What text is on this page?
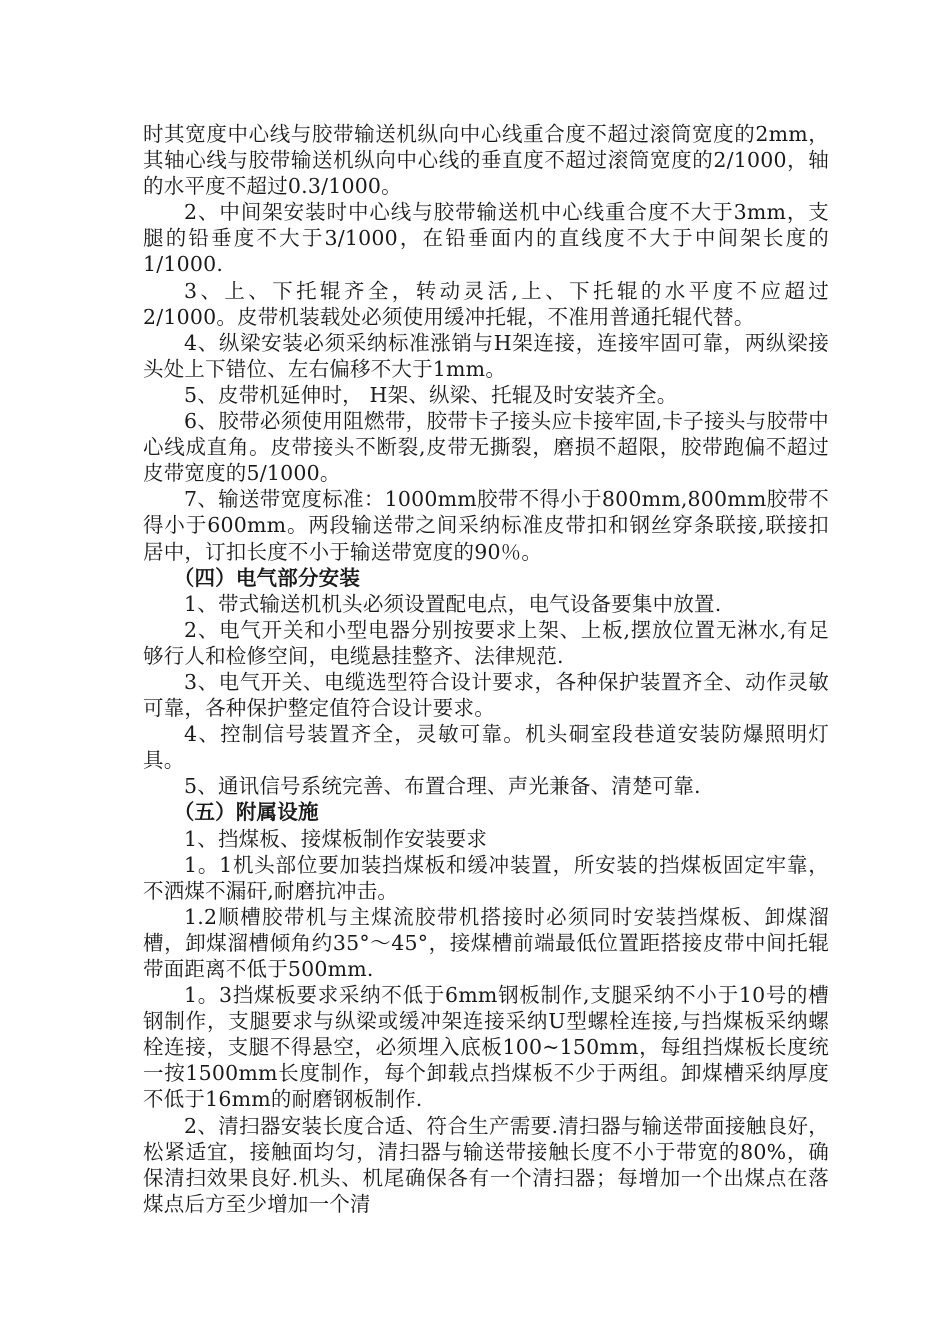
时其宽度中心线与胶带输送机纵向中心线重合度不超过滚筒宽度的2mm，其轴心线与胶带输送机纵向中心线的垂直度不超过滚筒宽度的2/1000，轴的水平度不超过0.3/1000。

2、中间架安装时中心线与胶带输送机中心线重合度不大于3mm，支腿的铅垂度不大于3/1000，在铅垂面内的直线度不大于中间架长度的1/1000.

3、上、下托辊齐全，转动灵活,上、下托辊的水平度不应超过2/1000。皮带机装载处必须使用缓冲托辊，不准用普通托辊代替。

4、纵梁安装必须采纳标准涨销与H架连接，连接牢固可靠，两纵梁接头处上下错位、左右偏移不大于1mm。

5、皮带机延伸时， H架、纵梁、托辊及时安装齐全。

6、胶带必须使用阻燃带，胶带卡子接头应卡接牢固,卡子接头与胶带中心线成直角。皮带接头不断裂,皮带无撕裂，磨损不超限，胶带跑偏不超过皮带宽度的5/1000。

7、输送带宽度标准：1000mm胶带不得小于800mm,800mm胶带不得小于600mm。两段输送带之间采纳标准皮带扣和钢丝穿条联接,联接扣居中，订扣长度不小于输送带宽度的90％。

（四）电气部分安装

1、带式输送机机头必须设置配电点，电气设备要集中放置.

2、电气开关和小型电器分别按要求上架、上板,摆放位置无淋水,有足够行人和检修空间，电缆悬挂整齐、法律规范.

3、电气开关、电缆选型符合设计要求，各种保护装置齐全、动作灵敏可靠，各种保护整定值符合设计要求。

4、控制信号装置齐全，灵敏可靠。机头硐室段巷道安装防爆照明灯具。

5、通讯信号系统完善、布置合理、声光兼备、清楚可靠.

（五）附属设施

1、挡煤板、接煤板制作安装要求

1。1机头部位要加装挡煤板和缓冲装置，所安装的挡煤板固定牢靠，不洒煤不漏矸,耐磨抗冲击。

1.2顺槽胶带机与主煤流胶带机搭接时必须同时安装挡煤板、卸煤溜槽，卸煤溜槽倾角约35°～45°，接煤槽前端最低位置距搭接皮带中间托辊带面距离不低于500mm.

1。3挡煤板要求采纳不低于6mm钢板制作,支腿采纳不小于10号的槽钢制作，支腿要求与纵梁或缓冲架连接采纳U型螺栓连接,与挡煤板采纳螺栓连接，支腿不得悬空，必须埋入底板100~150mm，每组挡煤板长度统一按1500mm长度制作，每个卸载点挡煤板不少于两组。卸煤槽采纳厚度不低于16mm的耐磨钢板制作.

2、清扫器安装长度合适、符合生产需要.清扫器与输送带面接触良好，松紧适宜，接触面均匀，清扫器与输送带接触长度不小于带宽的80%，确保清扫效果良好.机头、机尾确保各有一个清扫器；每增加一个出煤点在落煤点后方至少增加一个清
